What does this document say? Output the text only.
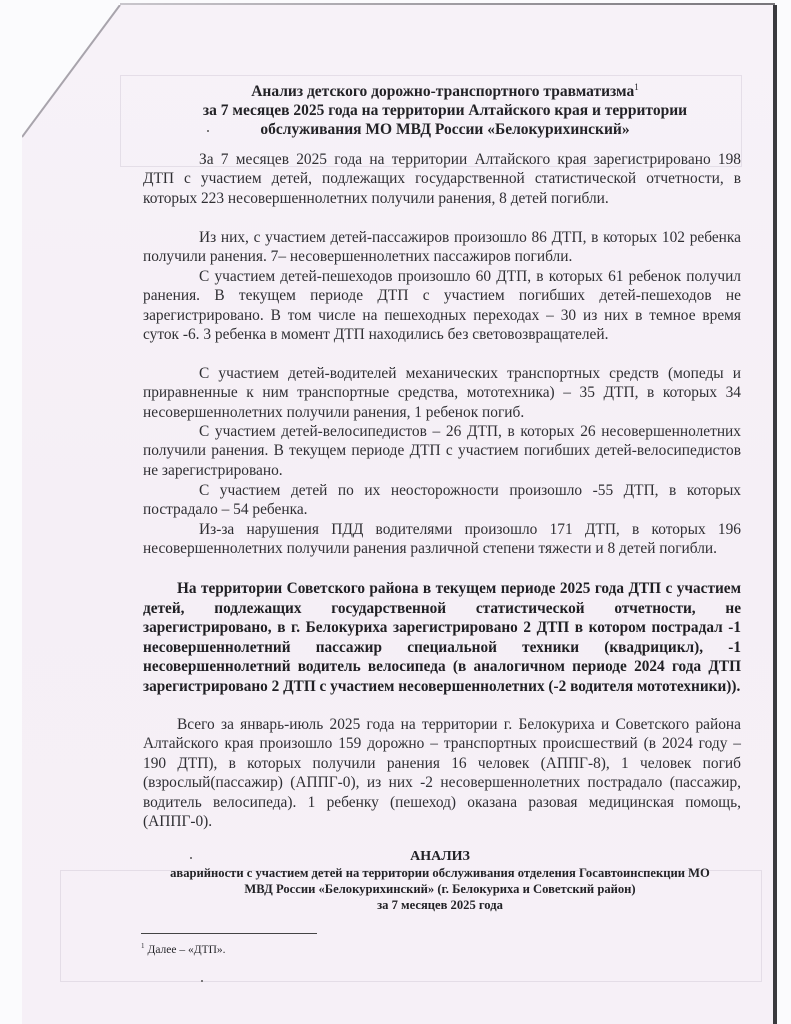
Анализ детского дорожно-транспортного травматизма$^1$
за 7 месяцев 2025 года на территории Алтайского края и территории
обслуживания МО МВД России «Белокурихинский»
За 7 месяцев 2025 года на территории Алтайского края зарегистрировано 198 ДТП с участием детей, подлежащих государственной статистической отчетности, в которых 223 несовершеннолетних получили ранения, 8 детей погибли.
Из них, с участием детей-пассажиров произошло 86 ДТП, в которых 102 ребенка получили ранения. 7– несовершеннолетних пассажиров погибли.
С участием детей-пешеходов произошло 60 ДТП, в которых 61 ребенок получил ранения. В текущем периоде ДТП с участием погибших детей-пешеходов не зарегистрировано. В том числе на пешеходных переходах – 30 из них в темное время суток -6. 3 ребенка в момент ДТП находились без световозвращателей.
С участием детей-водителей механических транспортных средств (мопеды и приравненные к ним транспортные средства, мототехника) – 35 ДТП, в которых 34 несовершеннолетних получили ранения, 1 ребенок погиб.
С участием детей-велосипедистов – 26 ДТП, в которых 26 несовершеннолетних получили ранения. В текущем периоде ДТП с участием погибших детей-велосипедистов не зарегистрировано.
С участием детей по их неосторожности произошло -55 ДТП, в которых пострадало – 54 ребенка.
Из-за нарушения ПДД водителями произошло 171 ДТП, в которых 196 несовершеннолетних получили ранения различной степени тяжести и 8 детей погибли.
На территории Советского района в текущем периоде 2025 года ДТП с участием детей, подлежащих государственной статистической отчетности, не зарегистрировано, в г. Белокуриха зарегистрировано 2 ДТП в котором пострадал -1 несовершеннолетний пассажир специальной техники (квадрицикл), -1 несовершеннолетний водитель велосипеда (в аналогичном периоде 2024 года ДТП зарегистрировано 2 ДТП с участием несовершеннолетних (-2 водителя мототехники)).
Всего за январь-июль 2025 года на территории г. Белокуриха и Советского района Алтайского края произошло 159 дорожно – транспортных происшествий (в 2024 году – 190 ДТП), в которых получили ранения 16 человек (АППГ-8), 1 человек погиб (взрослый(пассажир) (АППГ-0), из них -2 несовершеннолетних пострадало (пассажир, водитель велосипеда). 1 ребенку (пешеход) оказана разовая медицинская помощь, (АППГ-0).
АНАЛИЗ
аварийности с участием детей на территории обслуживания отделения Госавтоинспекции МО
МВД России «Белокурихинский» (г. Белокуриха и Советский район)
за 7 месяцев 2025 года
$^1$ Далее – «ДТП».
